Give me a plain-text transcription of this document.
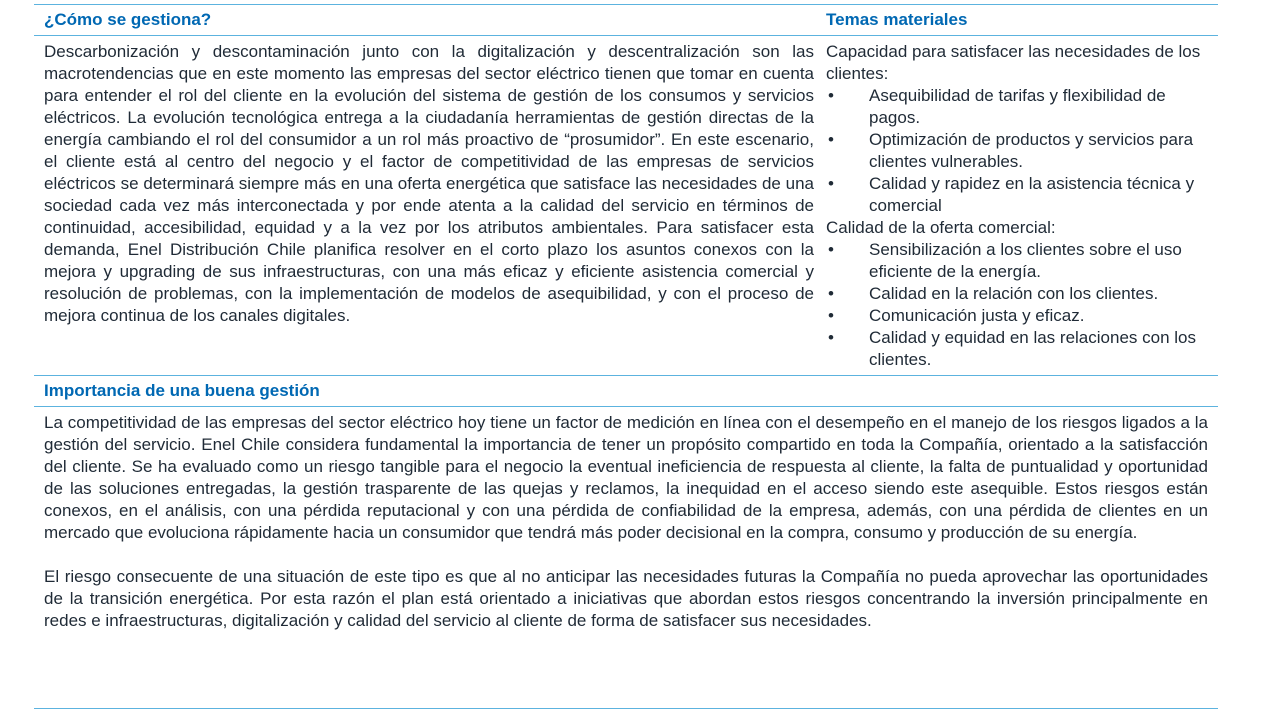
¿Cómo se gestiona?	Temas materiales
Descarbonización y descontaminación junto con la digitalización y descentralización son las macrotendencias que en este momento las empresas del sector eléctrico tienen que tomar en cuenta para entender el rol del cliente en la evolución del sistema de gestión de los consumos y servicios eléctricos. La evolución tecnológica entrega a la ciudadanía herramientas de gestión directas de la energía cambiando el rol del consumidor a un rol más proactivo de “prosumidor”. En este escenario, el cliente está al centro del negocio y el factor de competitividad de las empresas de servicios eléctricos se determinará siempre más en una oferta energética que satisface las necesidades de una sociedad cada vez más interconectada y por ende atenta a la calidad del servicio en términos de continuidad, accesibilidad, equidad y a la vez por los atributos ambientales. Para satisfacer esta demanda, Enel Distribución Chile planifica resolver en el corto plazo los asuntos conexos con la mejora y upgrading de sus infraestructuras, con una más eficaz y eficiente asistencia comercial y resolución de problemas, con la implementación de modelos de asequibilidad, y con el proceso de mejora continua de los canales digitales.
Capacidad para satisfacer las necesidades de los clientes:
• Asequibilidad de tarifas y flexibilidad de pagos.
• Optimización de productos y servicios para clientes vulnerables.
• Calidad y rapidez en la asistencia técnica y comercial
Calidad de la oferta comercial:
• Sensibilización a los clientes sobre el uso eficiente de la energía.
• Calidad en la relación con los clientes.
• Comunicación justa y eficaz.
• Calidad y equidad en las relaciones con los clientes.
Importancia de una buena gestión

La competitividad de las empresas del sector eléctrico hoy tiene un factor de medición en línea con el desempeño en el manejo de los riesgos ligados a la gestión del servicio. Enel Chile considera fundamental la importancia de tener un propósito compartido en toda la Compañía, orientado a la satisfacción del cliente. Se ha evaluado como un riesgo tangible para el negocio la eventual ineficiencia de respuesta al cliente, la falta de puntualidad y oportunidad de las soluciones entregadas, la gestión trasparente de las quejas y reclamos, la inequidad en el acceso siendo este asequible. Estos riesgos están conexos, en el análisis, con una pérdida reputacional y con una pérdida de confiabilidad de la empresa, además, con una pérdida de clientes en un mercado que evoluciona rápidamente hacia un consumidor que tendrá más poder decisional en la compra, consumo y producción de su energía.

El riesgo consecuente de una situación de este tipo es que al no anticipar las necesidades futuras la Compañía no pueda aprovechar las oportunidades de la transición energética. Por esta razón el plan está orientado a iniciativas que abordan estos riesgos concentrando la inversión principalmente en redes e infraestructuras, digitalización y calidad del servicio al cliente de forma de satisfacer sus necesidades.
